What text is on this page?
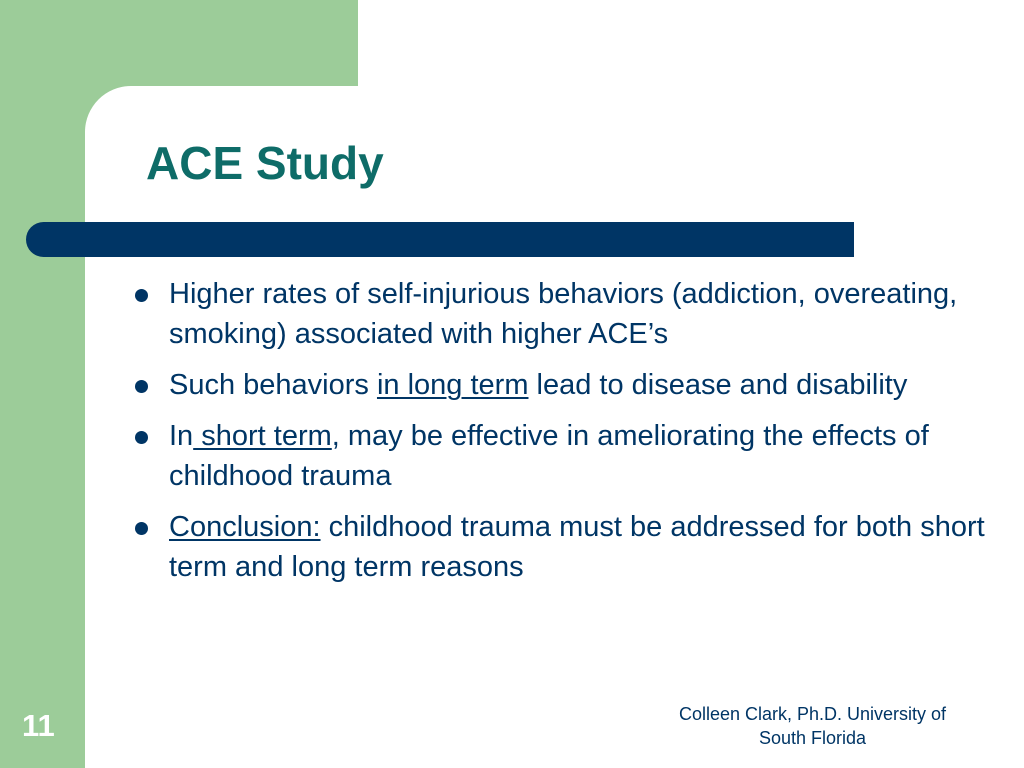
ACE Study
Higher rates of self-injurious behaviors (addiction, overeating, smoking) associated with higher ACE’s
Such behaviors in long term lead to disease and disability
In short term, may be effective in ameliorating the effects of childhood trauma
Conclusion: childhood trauma must be addressed for both short term and long term reasons
Colleen Clark, Ph.D. University of
South Florida
11
